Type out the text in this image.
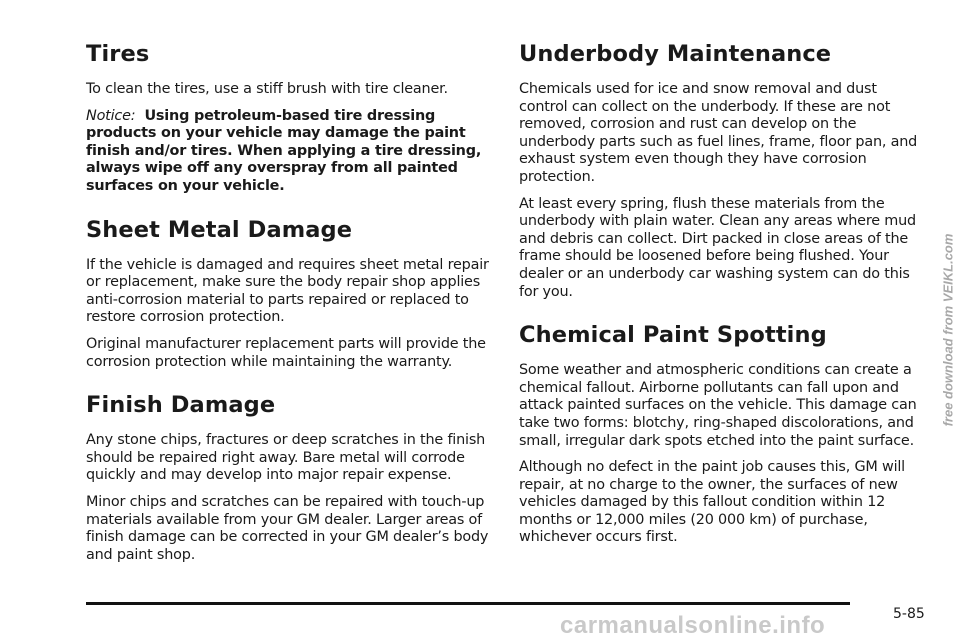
Tires

To clean the tires, use a stiff brush with tire cleaner.

Notice: Using petroleum-based tire dressing products on your vehicle may damage the paint finish and/or tires. When applying a tire dressing, always wipe off any overspray from all painted surfaces on your vehicle.

Sheet Metal Damage

If the vehicle is damaged and requires sheet metal repair or replacement, make sure the body repair shop applies anti-corrosion material to parts repaired or replaced to restore corrosion protection.

Original manufacturer replacement parts will provide the corrosion protection while maintaining the warranty.

Finish Damage

Any stone chips, fractures or deep scratches in the finish should be repaired right away. Bare metal will corrode quickly and may develop into major repair expense.

Minor chips and scratches can be repaired with touch-up materials available from your GM dealer. Larger areas of finish damage can be corrected in your GM dealer’s body and paint shop.

Underbody Maintenance

Chemicals used for ice and snow removal and dust control can collect on the underbody. If these are not removed, corrosion and rust can develop on the underbody parts such as fuel lines, frame, floor pan, and exhaust system even though they have corrosion protection.

At least every spring, flush these materials from the underbody with plain water. Clean any areas where mud and debris can collect. Dirt packed in close areas of the frame should be loosened before being flushed. Your dealer or an underbody car washing system can do this for you.

Chemical Paint Spotting

Some weather and atmospheric conditions can create a chemical fallout. Airborne pollutants can fall upon and attack painted surfaces on the vehicle. This damage can take two forms: blotchy, ring-shaped discolorations, and small, irregular dark spots etched into the paint surface.

Although no defect in the paint job causes this, GM will repair, at no charge to the owner, the surfaces of new vehicles damaged by this fallout condition within 12 months or 12,000 miles (20 000 km) of purchase, whichever occurs first.

5-85
carmanualsonline.info
free download from VEIKL.com
